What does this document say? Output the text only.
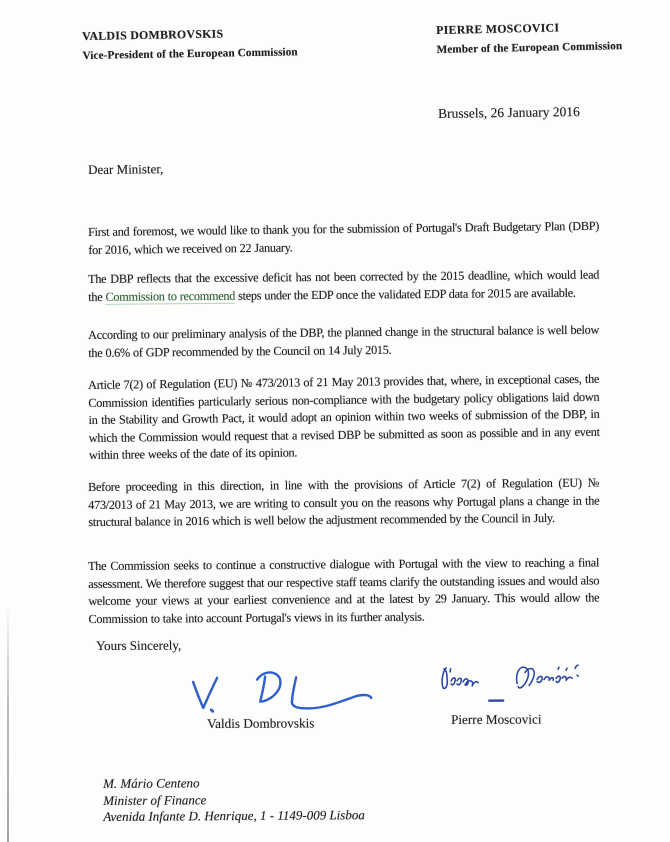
VALDIS DOMBROVSKIS
Vice-President of the European Commission
PIERRE MOSCOVICI
Member of the European Commission
Brussels, 26 January 2016
Dear Minister,

First and foremost, we would like to thank you for the submission of Portugal's Draft Budgetary Plan (DBP) for 2016, which we received on 22 January.

The DBP reflects that the excessive deficit has not been corrected by the 2015 deadline, which would lead the Commission to recommend steps under the EDP once the validated EDP data for 2015 are available.

According to our preliminary analysis of the DBP, the planned change in the structural balance is well below the 0.6% of GDP recommended by the Council on 14 July 2015.

Article 7(2) of Regulation (EU) № 473/2013 of 21 May 2013 provides that, where, in exceptional cases, the Commission identifies particularly serious non-compliance with the budgetary policy obligations laid down in the Stability and Growth Pact, it would adopt an opinion within two weeks of submission of the DBP, in which the Commission would request that a revised DBP be submitted as soon as possible and in any event within three weeks of the date of its opinion.

Before proceeding in this direction, in line with the provisions of Article 7(2) of Regulation (EU) № 473/2013 of 21 May 2013, we are writing to consult you on the reasons why Portugal plans a change in the structural balance in 2016 which is well below the adjustment recommended by the Council in July.

The Commission seeks to continue a constructive dialogue with Portugal with the view to reaching a final assessment. We therefore suggest that our respective staff teams clarify the outstanding issues and would also welcome your views at your earliest convenience and at the latest by 29 January. This would allow the Commission to take into account Portugal's views in its further analysis.

Yours Sincerely,
Valdis Dombrovskis	Pierre Moscovici
M. Mário Centeno
Minister of Finance
Avenida Infante D. Henrique, 1 - 1149-009 Lisboa
